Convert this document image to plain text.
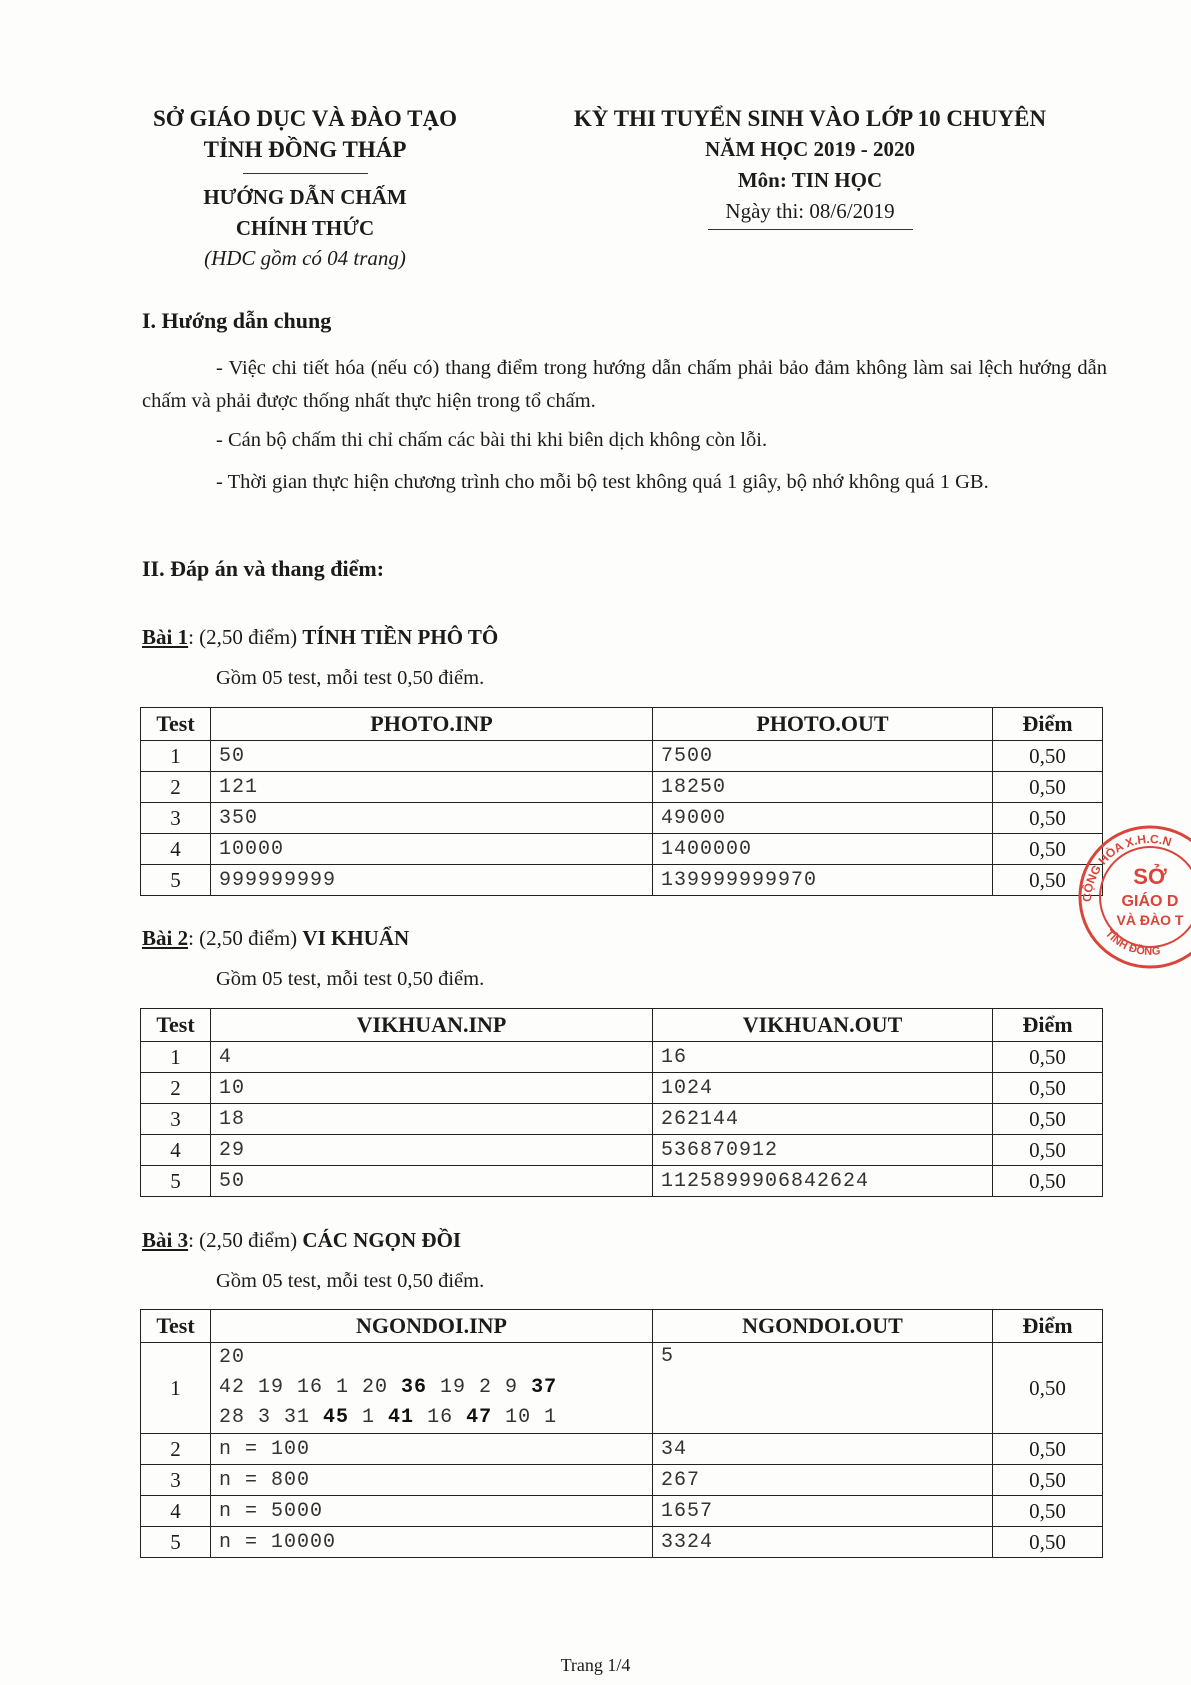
SỞ GIÁO DỤC VÀ ĐÀO TẠO
TỈNH ĐỒNG THÁP
HƯỚNG DẪN CHẤM
CHÍNH THỨC
(HDC gồm có 04 trang)
KỲ THI TUYỂN SINH VÀO LỚP 10 CHUYÊN
NĂM HỌC 2019 - 2020
Môn: TIN HỌC
Ngày thi: 08/6/2019
I. Hướng dẫn chung
- Việc chi tiết hóa (nếu có) thang điểm trong hướng dẫn chấm phải bảo đảm không làm sai lệch hướng dẫn chấm và phải được thống nhất thực hiện trong tổ chấm.
- Cán bộ chấm thi chỉ chấm các bài thi khi biên dịch không còn lỗi.
- Thời gian thực hiện chương trình cho mỗi bộ test không quá 1 giây, bộ nhớ không quá 1 GB.
II. Đáp án và thang điểm:
Bài 1: (2,50 điểm) TÍNH TIỀN PHÔ TÔ
Gồm 05 test, mỗi test 0,50 điểm.
Test	PHOTO.INP	PHOTO.OUT	Điểm
1	50	7500	0,50
2	121	18250	0,50
3	350	49000	0,50
4	10000	1400000	0,50
5	999999999	139999999970	0,50
Bài 2: (2,50 điểm) VI KHUẨN
Gồm 05 test, mỗi test 0,50 điểm.
Test	VIKHUAN.INP	VIKHUAN.OUT	Điểm
1	4	16	0,50
2	10	1024	0,50
3	18	262144	0,50
4	29	536870912	0,50
5	50	1125899906842624	0,50
Bài 3: (2,50 điểm) CÁC NGỌN ĐỒI
Gồm 05 test, mỗi test 0,50 điểm.
Test	NGONDOI.INP	NGONDOI.OUT	Điểm
1	20
42 19 16 1 20 36 19 2 9 37
28 3 31 45 1 41 16 47 10 1	5	0,50
2	n = 100	34	0,50
3	n = 800	267	0,50
4	n = 5000	1657	0,50
5	n = 10000	3324	0,50
CỘNG HÒA X.H.C.N
TỈNH ĐỒNG
SỞ
GIÁO D
VÀ ĐÀO T
Trang 1/4
